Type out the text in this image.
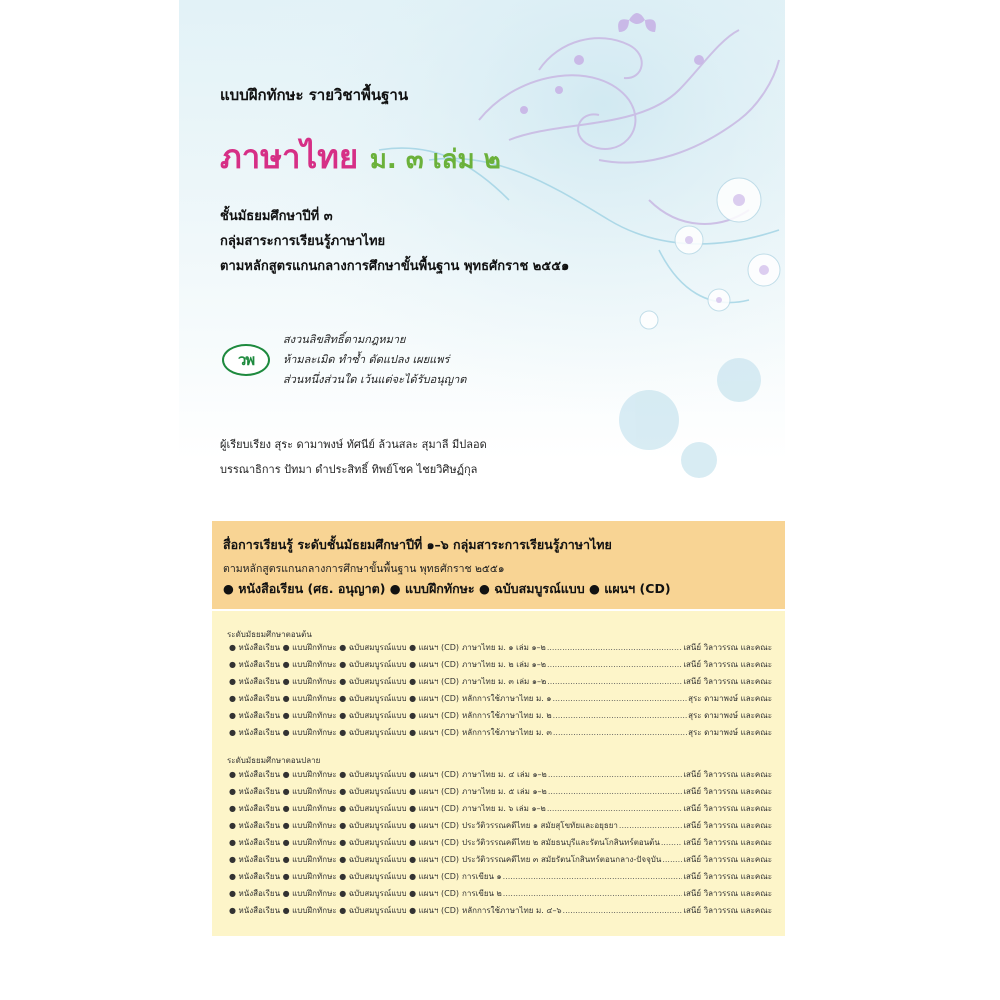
แบบฝึกทักษะ รายวิชาพื้นฐาน
ภาษาไทย ม. ๓ เล่ม ๒
ชั้นมัธยมศึกษาปีที่ ๓
กลุ่มสาระการเรียนรู้ภาษาไทย
ตามหลักสูตรแกนกลางการศึกษาขั้นพื้นฐาน พุทธศักราช ๒๕๕๑
วพ
สงวนลิขสิทธิ์ตามกฎหมาย
ห้ามละเมิด ทำซ้ำ ดัดแปลง เผยแพร่
ส่วนหนึ่งส่วนใด เว้นแต่จะได้รับอนุญาต
ผู้เรียบเรียง สุระ ดามาพงษ์ ทัศนีย์ ล้วนสละ สุมาลี มีปลอด
บรรณาธิการ ปัทมา ดำประสิทธิ์ ทิพย์โชค ไชยวิศิษฏ์กุล
สื่อการเรียนรู้ ระดับชั้นมัธยมศึกษาปีที่ ๑–๖ กลุ่มสาระการเรียนรู้ภาษาไทย
ตามหลักสูตรแกนกลางการศึกษาขั้นพื้นฐาน พุทธศักราช ๒๕๕๑
● หนังสือเรียน (ศธ. อนุญาต) ● แบบฝึกทักษะ ● ฉบับสมบูรณ์แบบ ● แผนฯ (CD)
ระดับมัธยมศึกษาตอนต้น
● หนังสือเรียน ● แบบฝึกทักษะ ● ฉบับสมบูรณ์แบบ ● แผนฯ (CD) ภาษาไทย ม. ๑ เล่ม ๑–๒ .....	เสนีย์ วิลาวรรณ และคณะ
● หนังสือเรียน ● แบบฝึกทักษะ ● ฉบับสมบูรณ์แบบ ● แผนฯ (CD) ภาษาไทย ม. ๒ เล่ม ๑–๒ .....	เสนีย์ วิลาวรรณ และคณะ
● หนังสือเรียน ● แบบฝึกทักษะ ● ฉบับสมบูรณ์แบบ ● แผนฯ (CD) ภาษาไทย ม. ๓ เล่ม ๑–๒ .....	เสนีย์ วิลาวรรณ และคณะ
● หนังสือเรียน ● แบบฝึกทักษะ ● ฉบับสมบูรณ์แบบ ● แผนฯ (CD) หลักการใช้ภาษาไทย ม. ๑ .....	สุระ ดามาพงษ์ และคณะ
● หนังสือเรียน ● แบบฝึกทักษะ ● ฉบับสมบูรณ์แบบ ● แผนฯ (CD) หลักการใช้ภาษาไทย ม. ๒ .....	สุระ ดามาพงษ์ และคณะ
● หนังสือเรียน ● แบบฝึกทักษะ ● ฉบับสมบูรณ์แบบ ● แผนฯ (CD) หลักการใช้ภาษาไทย ม. ๓ .....	สุระ ดามาพงษ์ และคณะ
ระดับมัธยมศึกษาตอนปลาย
● หนังสือเรียน ● แบบฝึกทักษะ ● ฉบับสมบูรณ์แบบ ● แผนฯ (CD) ภาษาไทย ม. ๔ เล่ม ๑–๒ .....	เสนีย์ วิลาวรรณ และคณะ
● หนังสือเรียน ● แบบฝึกทักษะ ● ฉบับสมบูรณ์แบบ ● แผนฯ (CD) ภาษาไทย ม. ๕ เล่ม ๑–๒ .....	เสนีย์ วิลาวรรณ และคณะ
● หนังสือเรียน ● แบบฝึกทักษะ ● ฉบับสมบูรณ์แบบ ● แผนฯ (CD) ภาษาไทย ม. ๖ เล่ม ๑–๒ .....	เสนีย์ วิลาวรรณ และคณะ
● หนังสือเรียน ● แบบฝึกทักษะ ● ฉบับสมบูรณ์แบบ ● แผนฯ (CD) ประวัติวรรณคดีไทย ๑ สมัยสุโขทัยและอยุธยา .....	เสนีย์ วิลาวรรณ และคณะ
● หนังสือเรียน ● แบบฝึกทักษะ ● ฉบับสมบูรณ์แบบ ● แผนฯ (CD) ประวัติวรรณคดีไทย ๒ สมัยธนบุรีและรัตนโกสินทร์ตอนต้น .....	เสนีย์ วิลาวรรณ และคณะ
● หนังสือเรียน ● แบบฝึกทักษะ ● ฉบับสมบูรณ์แบบ ● แผนฯ (CD) ประวัติวรรณคดีไทย ๓ สมัยรัตนโกสินทร์ตอนกลาง-ปัจจุบัน .....	เสนีย์ วิลาวรรณ และคณะ
● หนังสือเรียน ● แบบฝึกทักษะ ● ฉบับสมบูรณ์แบบ ● แผนฯ (CD) การเขียน ๑ .....	เสนีย์ วิลาวรรณ และคณะ
● หนังสือเรียน ● แบบฝึกทักษะ ● ฉบับสมบูรณ์แบบ ● แผนฯ (CD) การเขียน ๒ .....	เสนีย์ วิลาวรรณ และคณะ
● หนังสือเรียน ● แบบฝึกทักษะ ● ฉบับสมบูรณ์แบบ ● แผนฯ (CD) หลักการใช้ภาษาไทย ม. ๔–๖ .....	เสนีย์ วิลาวรรณ และคณะ
